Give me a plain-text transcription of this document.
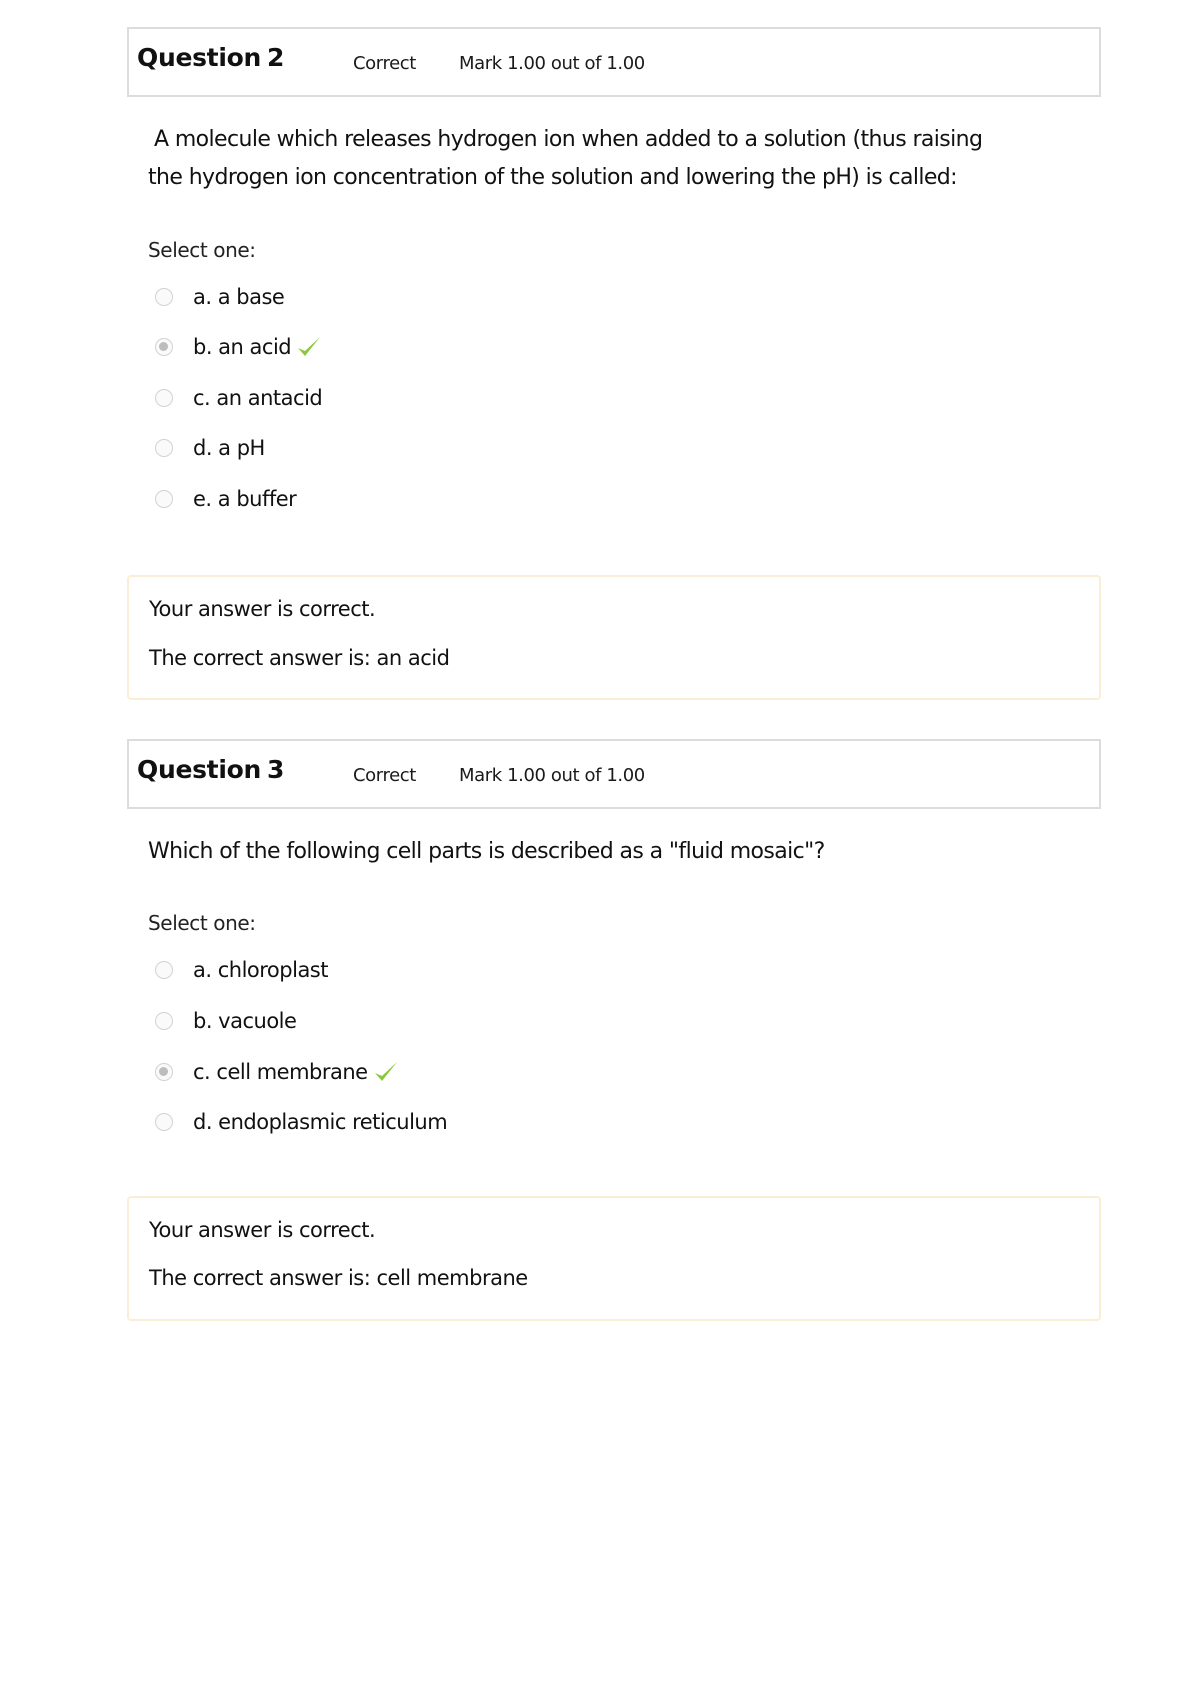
Question 2	Correct Mark 1.00 out of 1.00
A molecule which releases hydrogen ion when added to a solution (thus raising
the hydrogen ion concentration of the solution and lowering the pH) is called:
Select one:
a. a base
b. an acid
c. an antacid
d. a pH
e. a buffer
Your answer is correct.
The correct answer is: an acid
Question 3	Correct Mark 1.00 out of 1.00
Which of the following cell parts is described as a "fluid mosaic"?
Select one:
a. chloroplast
b. vacuole
c. cell membrane
d. endoplasmic reticulum
Your answer is correct.
The correct answer is: cell membrane
